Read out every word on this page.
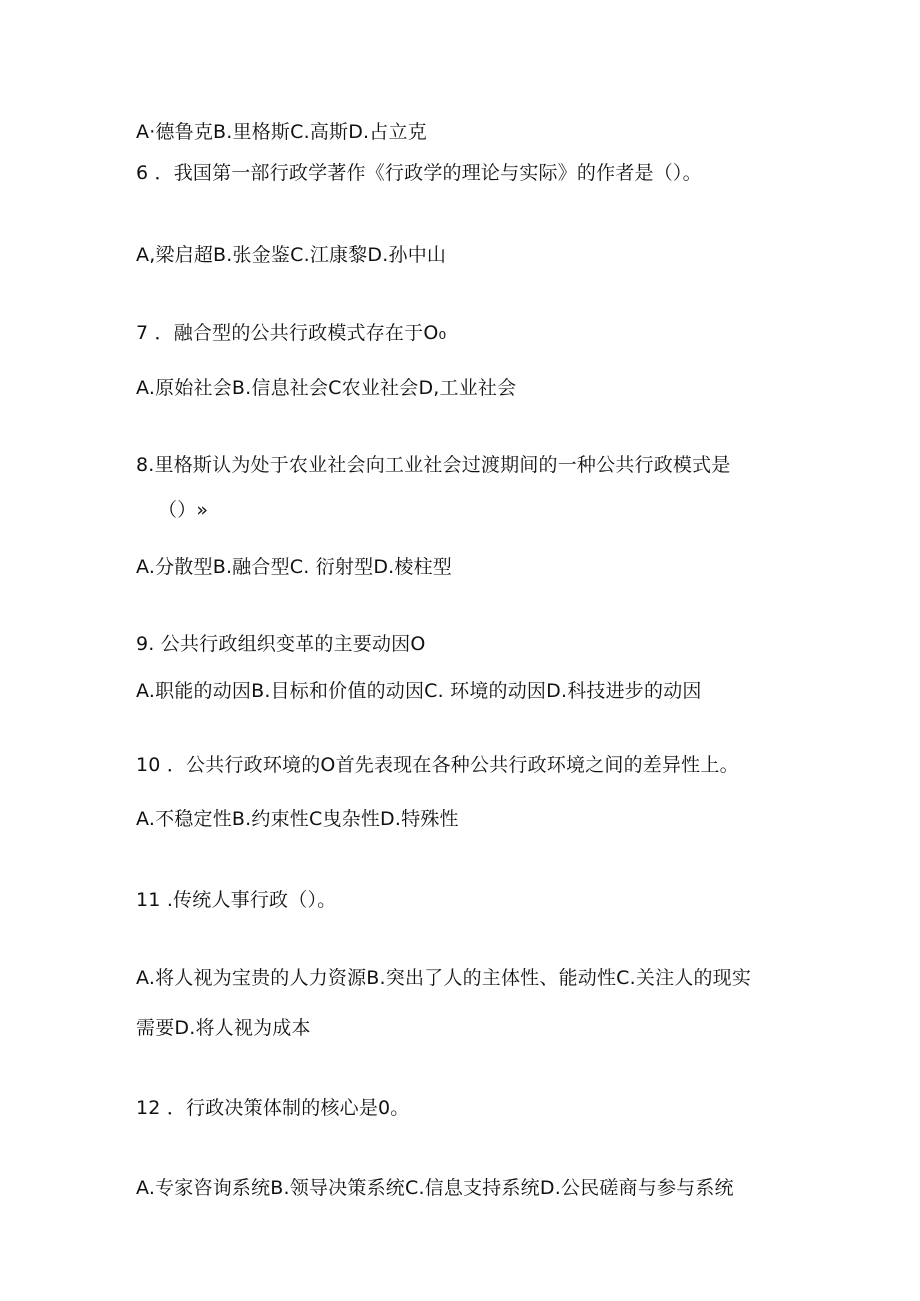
A·德鲁克B.里格斯C.高斯D.占立克
6 ．我国第一部行政学著作《行政学的理论与实际》的作者是（）。
A,梁启超B.张金鉴C.江康黎D.孙中山
7 ．融合型的公共行政模式存在于O₀
A.原始社会B.信息社会C农业社会D,工业社会
8.里格斯认为处于农业社会向工业社会过渡期间的一种公共行政模式是
（）»
A.分散型B.融合型C. 衍射型D.棱柱型
9. 公共行政组织变革的主要动因O
A.职能的动因B.目标和价值的动因C. 环境的动因D.科技进步的动因
10 ．公共行政环境的O首先表现在各种公共行政环境之间的差异性上。
A.不稳定性B.约束性C曳杂性D.特殊性
11 .传统人事行政（）。
A.将人视为宝贵的人力资源B.突出了人的主体性、能动性C.关注人的现实
需要D.将人视为成本
12 ．行政决策体制的核心是0。
A.专家咨询系统B.领导决策系统C.信息支持系统D.公民磋商与参与系统
